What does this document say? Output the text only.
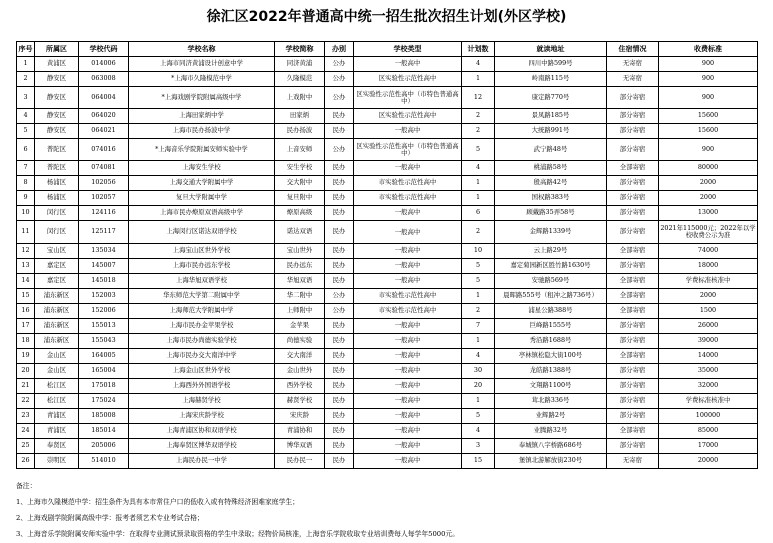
徐汇区2022年普通高中统一招生批次招生计划(外区学校)
序号	所属区	学校代码	学校名称	学校简称	办别	学校类型	计划数	就读地址	住宿情况	收费标准
1	黄浦区	014006	上海市同济黄浦设计创意中学	同济黄浦	公办	一般高中	4	四川中路599号	无寄宿	900
2	静安区	063008	*上海市久隆模范中学	久隆模范	公办	区实验性示范性高中	1	岭南路115号	无寄宿	900
3	静安区	064004	*上海戏剧学院附属高级中学	上戏附中	公办	区实验性示范性高中（市特色普通高中）	12	康定路770号	部分寄宿	900
4	静安区	064020	上海田家炳中学	田家炳	民办	区实验性示范性高中	2	景凤路185号	部分寄宿	15600
5	静安区	064021	上海市民办扬波中学	民办扬波	民办	一般高中	2	大统路991号	部分寄宿	15600
6	普陀区	074016	*上海音乐学院附属安师实验中学	上音安师	公办	区实验性示范性高中（市特色普通高中）	5	武宁路48号	部分寄宿	900
7	普陀区	074081	上海安生学校	安生学校	民办	一般高中	4	桃浦路58号	全部寄宿	80000
8	杨浦区	102056	上海交通大学附属中学	交大附中	民办	市实验性示范性高中	1	殷高路42号	部分寄宿	2000
9	杨浦区	102057	复旦大学附属中学	复旦附中	民办	市实验性示范性高中	1	国权路383号	部分寄宿	2000
10	闵行区	124116	上海市民办燎原双语高级中学	燎原高级	民办	一般高中	6	顾戴路35弄58号	部分寄宿	13000
11	闵行区	125117	上海闵行区诺达双语学校	诺达双语	民办	一般高中	2	金辉路1339号	部分寄宿	2021年115000元；2022年以学校收费公示为准
12	宝山区	135034	上海宝山区世外学校	宝山世外	民办	一般高中	10	云上路29号	全部寄宿	74000
13	嘉定区	145007	上海市民办远东学校	民办远东	民办	一般高中	5	嘉定菊园新区胜竹路1630号	部分寄宿	18000
14	嘉定区	145018	上海华旭双语学校	华旭双语	民办	一般高中	5	安驰路569号	全部寄宿	学费标准核准中
15	浦东新区	152003	华东师范大学第二附属中学	华二附中	公办	市实验性示范性高中	1	晨晖路555号（租冲之路736号）	全部寄宿	2000
16	浦东新区	152006	上海师范大学附属中学	上师附中	公办	市实验性示范性高中	2	浦星公路388号	全部寄宿	1500
17	浦东新区	155013	上海市民办金苹果学校	金苹果	民办	一般高中	7	巨峰路1555号	部分寄宿	26000
18	浦东新区	155043	上海市民办尚德实验学校	尚德实验	民办	一般高中	1	秀沿路1688号	部分寄宿	39000
19	金山区	164005	上海市民办交大南洋中学	交大南洋	民办	一般高中	4	亭林镇松隐大街100号	全部寄宿	14000
20	金山区	165004	上海金山区世外学校	金山世外	民办	一般高中	30	龙皓路1388号	部分寄宿	35000
21	松江区	175018	上海西外外国语学校	西外学校	民办	一般高中	20	文翔路1100号	部分寄宿	32000
22	松江区	175024	上海赫贤学校	赫贤学校	民办	一般高中	1	茸北路336号	部分寄宿	学费标准核准中
23	青浦区	185008	上海宋庆龄学校	宋庆龄	民办	一般高中	5	业辉路2号	部分寄宿	100000
24	青浦区	185014	上海青浦区协和双语学校	青浦协和	民办	一般高中	4	业腾路32号	全部寄宿	85000
25	奉贤区	205006	上海奉贤区博华双语学校	博华双语	民办	一般高中	3	奉城镇八字桥路686号	部分寄宿	17000
26	崇明区	514010	上海民办民一中学	民办民一	民办	一般高中	15	堡镇北游解放街230号	无寄宿	20000
备注：
1、上海市久隆模范中学：招生条件为具有本市常住户口的低收入或有特殊经济困难家庭学生；
2、上海戏剧学院附属高级中学：报考者须艺术专业考试合格；
3、上海音乐学院附属安师实验中学：在取得专业测试预录取资格的学生中录取；经物价局核准，上海音乐学院收取专业培训费每人每学年5000元。
